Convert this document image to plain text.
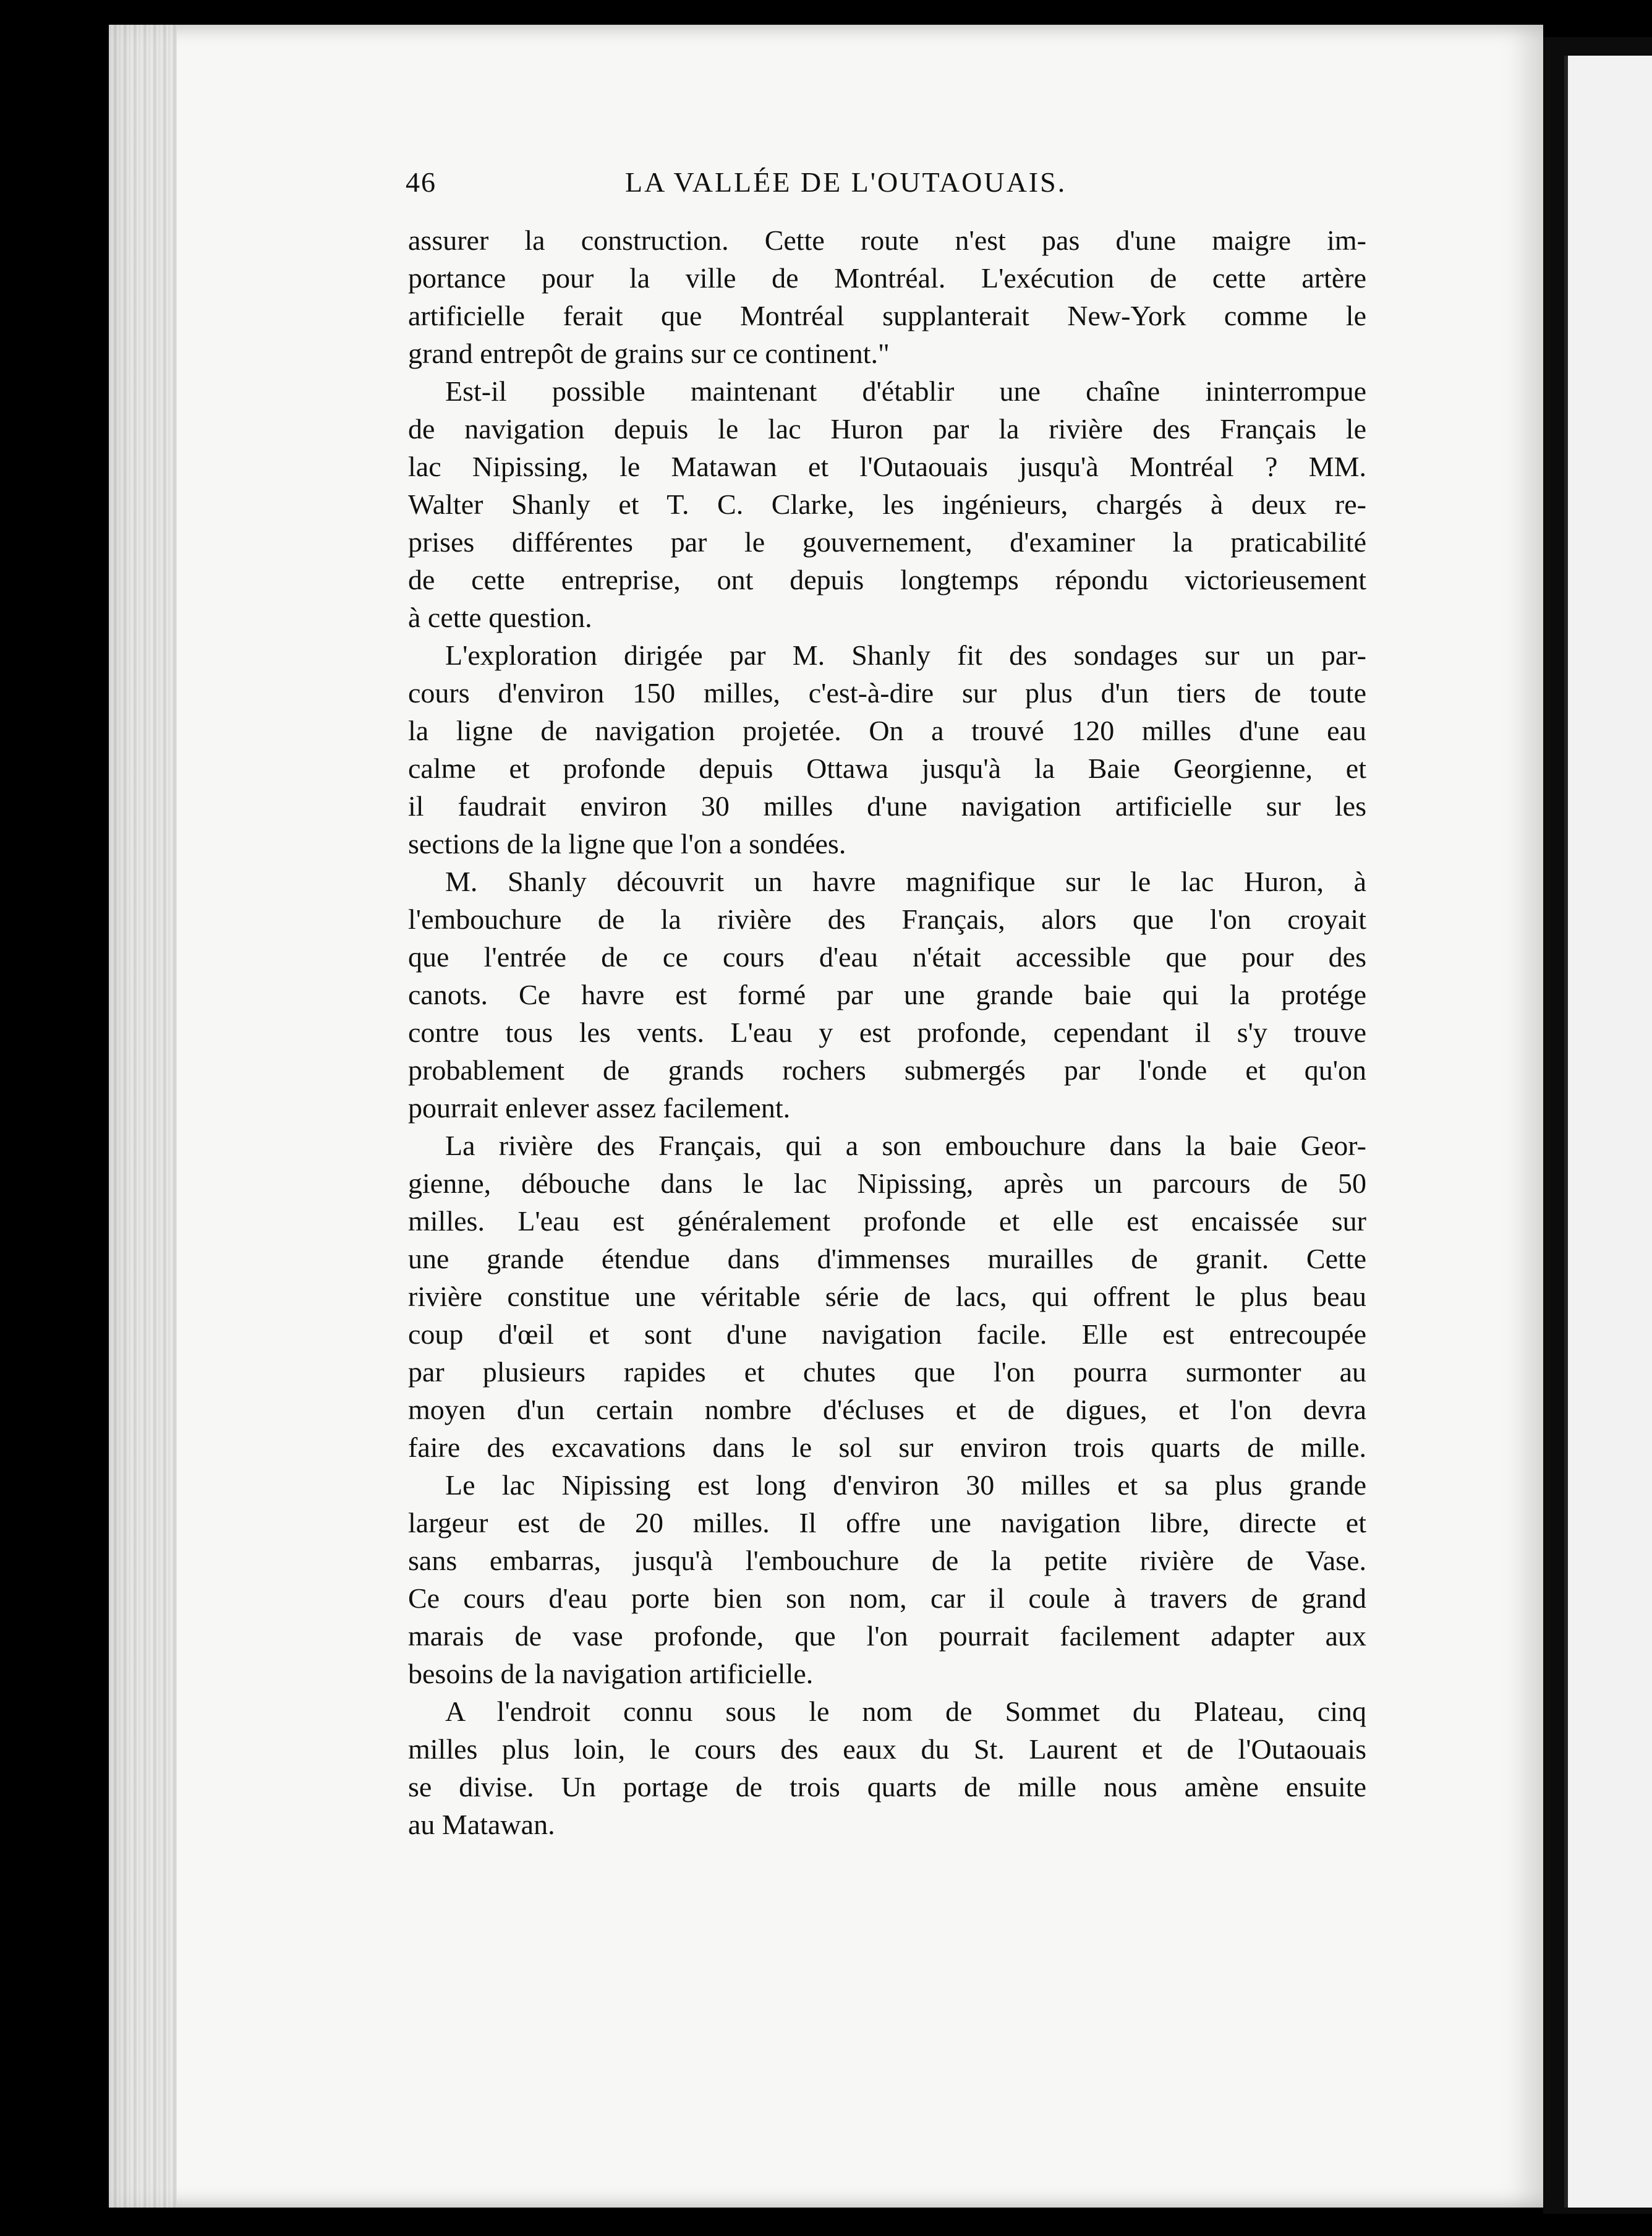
46	LA VALLÉE DE L'OUTAOUAIS.
assurer la construction. Cette route n'est pas d'une maigre im-
portance pour la ville de Montréal. L'exécution de cette artère
artificielle ferait que Montréal supplanterait New-York comme le
grand entrepôt de grains sur ce continent."
Est-il possible maintenant d'établir une chaîne ininterrompue
de navigation depuis le lac Huron par la rivière des Français le
lac Nipissing, le Matawan et l'Outaouais jusqu'à Montréal ? MM.
Walter Shanly et T. C. Clarke, les ingénieurs, chargés à deux re-
prises différentes par le gouvernement, d'examiner la praticabilité
de cette entreprise, ont depuis longtemps répondu victorieusement
à cette question.
L'exploration dirigée par M. Shanly fit des sondages sur un par-
cours d'environ 150 milles, c'est-à-dire sur plus d'un tiers de toute
la ligne de navigation projetée. On a trouvé 120 milles d'une eau
calme et profonde depuis Ottawa jusqu'à la Baie Georgienne, et
il faudrait environ 30 milles d'une navigation artificielle sur les
sections de la ligne que l'on a sondées.
M. Shanly découvrit un havre magnifique sur le lac Huron, à
l'embouchure de la rivière des Français, alors que l'on croyait
que l'entrée de ce cours d'eau n'était accessible que pour des
canots. Ce havre est formé par une grande baie qui la protége
contre tous les vents. L'eau y est profonde, cependant il s'y trouve
probablement de grands rochers submergés par l'onde et qu'on
pourrait enlever assez facilement.
La rivière des Français, qui a son embouchure dans la baie Geor-
gienne, débouche dans le lac Nipissing, après un parcours de 50
milles. L'eau est généralement profonde et elle est encaissée sur
une grande étendue dans d'immenses murailles de granit. Cette
rivière constitue une véritable série de lacs, qui offrent le plus beau
coup d'œil et sont d'une navigation facile. Elle est entrecoupée
par plusieurs rapides et chutes que l'on pourra surmonter au
moyen d'un certain nombre d'écluses et de digues, et l'on devra
faire des excavations dans le sol sur environ trois quarts de mille.
Le lac Nipissing est long d'environ 30 milles et sa plus grande
largeur est de 20 milles. Il offre une navigation libre, directe et
sans embarras, jusqu'à l'embouchure de la petite rivière de Vase.
Ce cours d'eau porte bien son nom, car il coule à travers de grand
marais de vase profonde, que l'on pourrait facilement adapter aux
besoins de la navigation artificielle.
A l'endroit connu sous le nom de Sommet du Plateau, cinq
milles plus loin, le cours des eaux du St. Laurent et de l'Outaouais
se divise. Un portage de trois quarts de mille nous amène ensuite
au Matawan.
